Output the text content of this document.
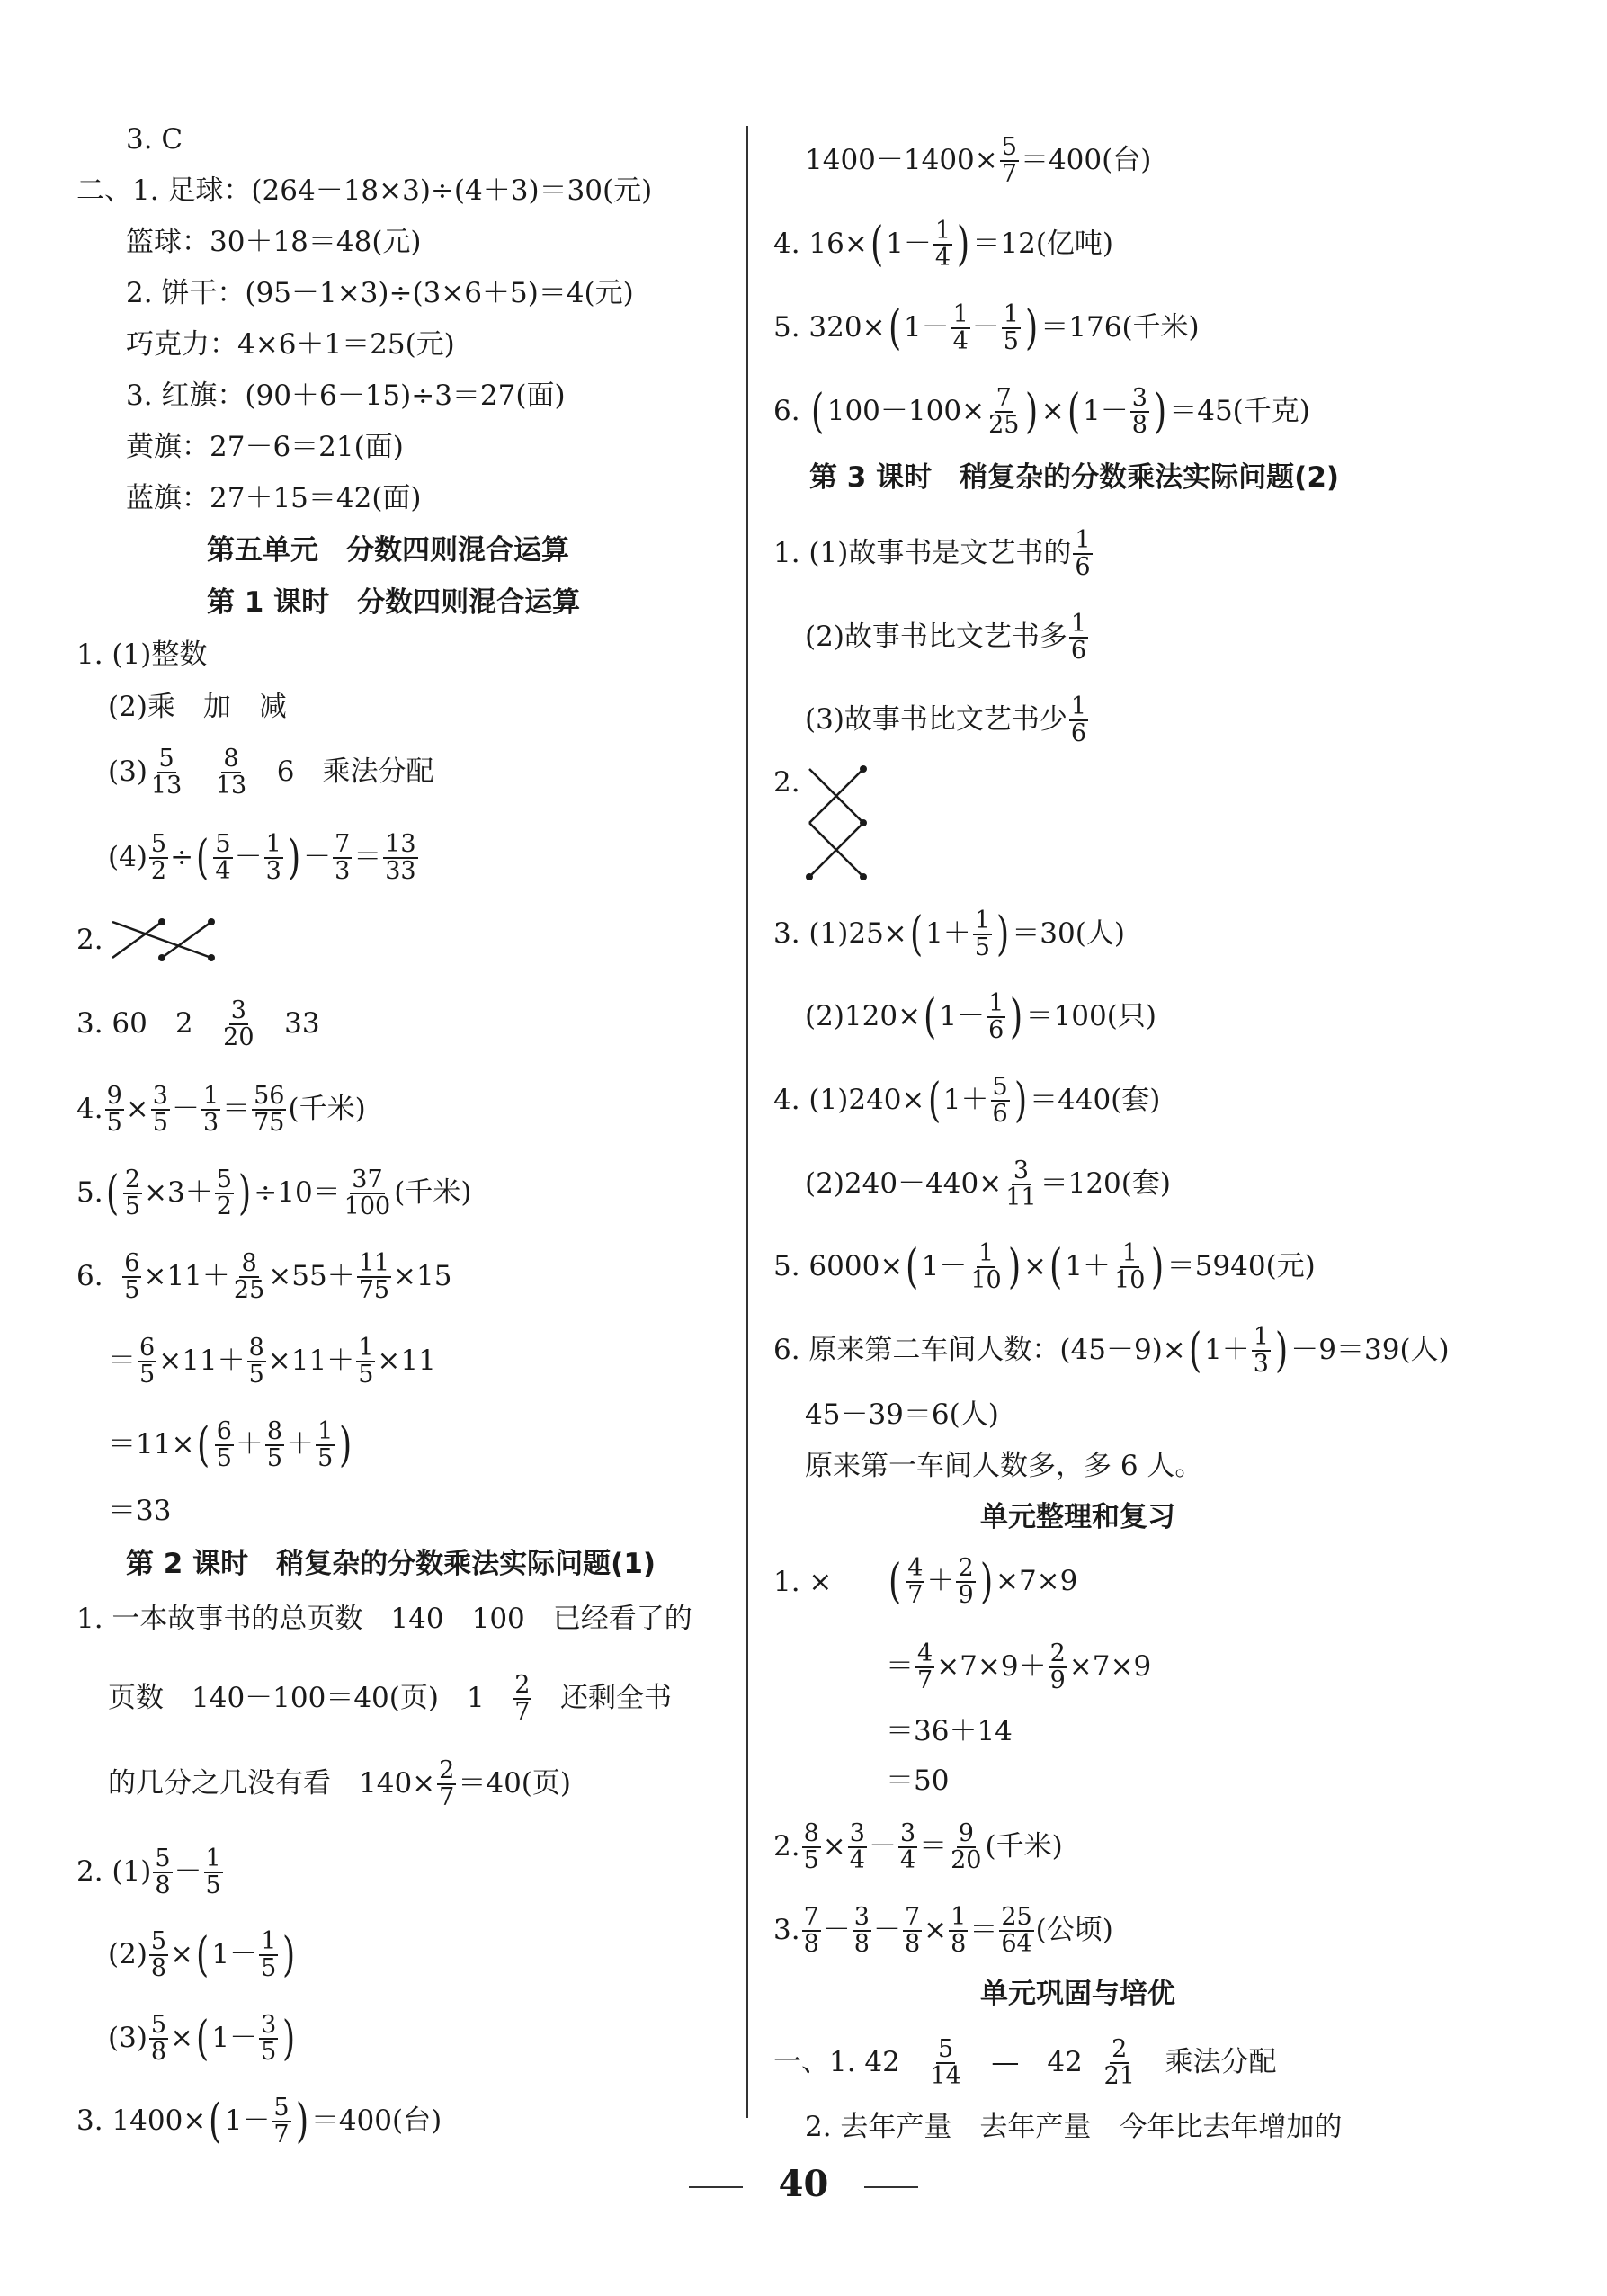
3. C
二、1. 足球：(264－18×3)÷(4＋3)＝30(元)
篮球：30＋18＝48(元)
2. 饼干：(95－1×3)÷(3×6＋5)＝4(元)
巧克力：4×6＋1＝25(元)
3. 红旗：(90＋6－15)÷3＝27(面)
黄旗：27－6＝21(面)
蓝旗：27＋15＝42(面)
第五单元　分数四则混合运算
第 1 课时　分数四则混合运算
1. (1)整数
(2)乘　加　减
$(3) \frac{5}{13}$
$\frac{8}{13} 6$　乘法分配
$(4) \frac{5}{2}$ ÷( $\frac{5}{4} - \frac{1}{3}$ )－ $\frac{7}{3} = \frac{13}{33}$
2.
3. 60　$2 \frac{3}{20} 33$
4. $\frac{9}{5} \times \frac{3}{5} - \frac{1}{3} = \frac{56}{75}$ (千米)
$5.( \frac{2}{5} \times 3+ \frac{5}{2} )\div 10= \frac{37}{100}$ (千米)
6. $\frac{6}{5} \times 11+ \frac{8}{25} \times 55+ \frac{11}{75} \times 15$
＝ $\frac{6}{5} \times 11+ \frac{8}{5} \times 11+ \frac{1}{5} \times 11$
$=11\times( \frac{6}{5} + \frac{8}{5} + \frac{1}{5}$ )
＝33
第 2 课时　稍复杂的分数乘法实际问题(1)
1. 一本故事书的总页数　140　100　已经看了的
页数　140－100＝40(页)　$1 \frac{2}{7}$ 还剩全书
的几分之几没有看　$140\times \frac{2}{7} =40$(页)
2. $(1) \frac{5}{8} - \frac{1}{5}$
$(2) \frac{5}{8} \times(1- \frac{1}{5}$ )
$(3) \frac{5}{8} \times(1- \frac{3}{5}$ )
3. $1400\times(1- \frac{5}{7} )=400$(台)
$1400-1400\times \frac{5}{7} =400$(台)
4. $16\times(1- \frac{1}{4} )=12$(亿吨)
5. $320\times(1- \frac{1}{4} - \frac{1}{5} )=176$(千米)
6. $(100-100\times \frac{7}{25} )\times(1- \frac{3}{8} )=45$(千克)
第 3 课时　稍复杂的分数乘法实际问题(2)
1. (1)故事书是文艺书的 $\frac{1}{6}$
(2)故事书比文艺书多 $\frac{1}{6}$
(3)故事书比文艺书少 $\frac{1}{6}$
2.
3. $(1)25\times(1+ \frac{1}{5} )=30$(人)
$(2)120\times(1- \frac{1}{6} )=100$(只)
4. $(1)240\times(1+ \frac{5}{6} )=440$(套)
$(2)240-440\times \frac{3}{11} =120$(套)
5. $6000\times(1- \frac{1}{10} )\times(1+ \frac{1}{10} )=5940$(元)
6. 原来第二车间人数：$(45-9)\times(1+ \frac{1}{3} )-9=39$(人)
45－39＝6(人)
原来第一车间人数多，多 6 人。
单元整理和复习
1. × ( $\frac{4}{7} + \frac{2}{9} )\times 7\times 9$
＝ $\frac{4}{7} \times 7\times 9+ \frac{2}{9} \times 7\times 9$
＝36＋14
＝50
2. $\frac{8}{5} \times \frac{3}{4} - \frac{3}{4} = \frac{9}{20}$ (千米)
3. $\frac{7}{8} - \frac{3}{8} - \frac{7}{8} \times \frac{1}{8} = \frac{25}{64}$ (公顷)
单元巩固与培优
一、1. $42 \frac{5}{14}$ —　$42 \frac{2}{21}$ 乘法分配
2. 去年产量　去年产量　今年比去年增加的
40
